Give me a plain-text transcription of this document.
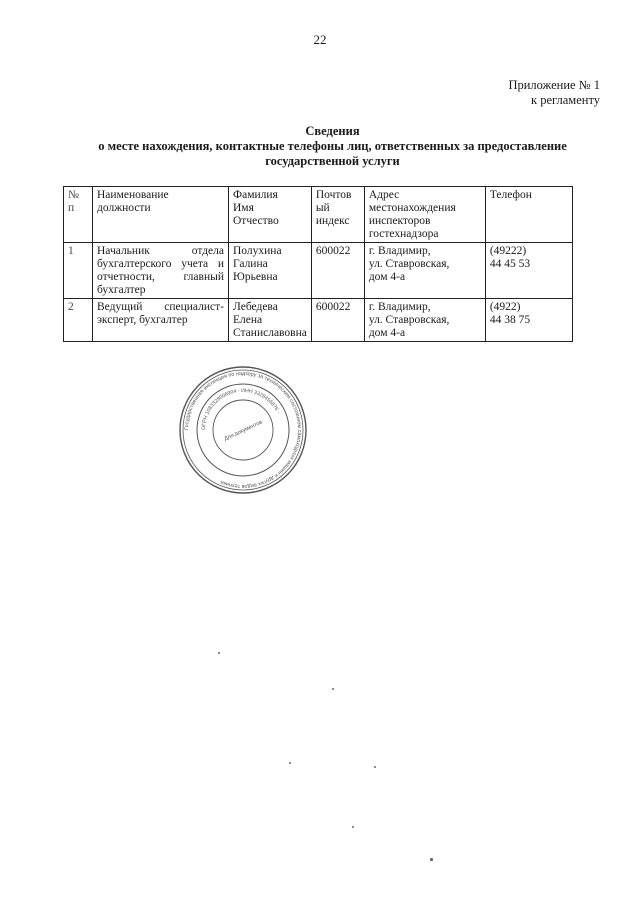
22
Приложение № 1
к регламенту
Сведения
о месте нахождения, контактные телефоны лиц, ответственных за предоставление государственной услуги
№
п	Наименование
должности	Фамилия
Имя
Отчество	Почтов
ый
индекс	Адрес
местонахождения
инспекторов
гостехнадзора	Телефон
1	Начальник отдела бухгалтерского учета и отчетности, главный бухгалтер	Полухина
Галина Юрьевна	600022	г. Владимир,
ул. Ставровская,
дом 4-а	(49222)
44 45 53
2	Ведущий специалист-эксперт, бухгалтер	Лебедева Елена Станиславовна	600022	г. Владимир,
ул. Ставровская,
дом 4-а	(4922)
44 38 75
Государственная инспекция по надзору за техническим состоянием самоходных машин и других видов техники
ОГРН 1083328006904 · ИНН 3328456876 ·
Для документов
